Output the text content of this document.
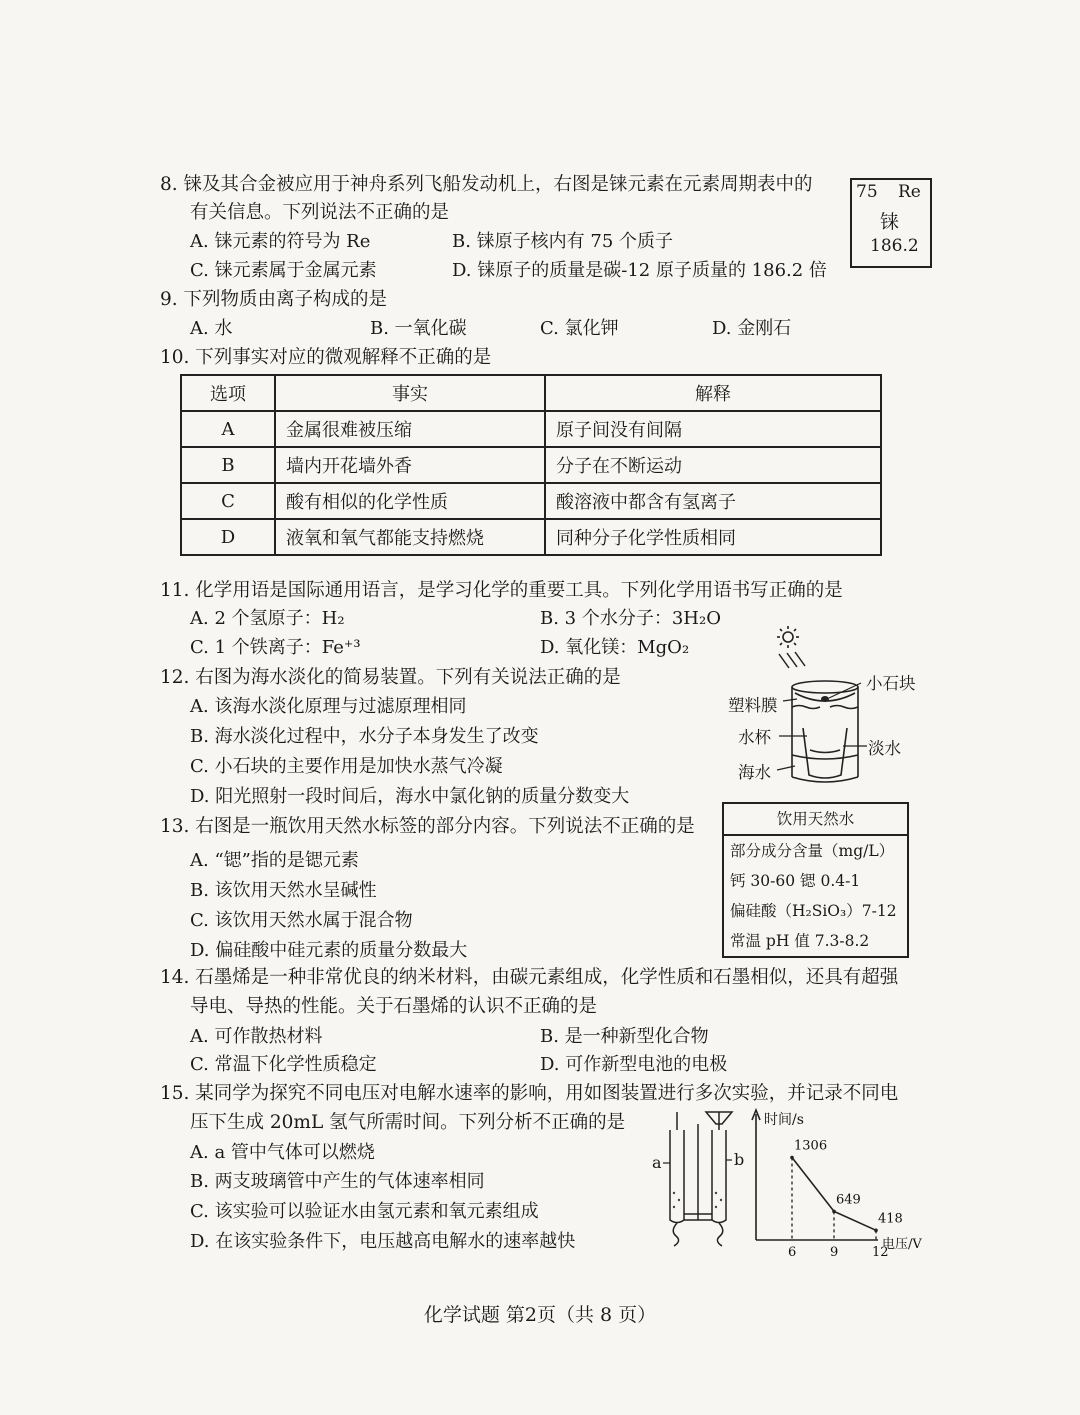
8. 铼及其合金被应用于神舟系列飞船发动机上，右图是铼元素在元素周期表中的
有关信息。下列说法不正确的是
A. 铼元素的符号为 Re	B. 铼原子核内有 75 个质子
C. 铼元素属于金属元素	D. 铼原子的质量是碳-12 原子质量的 186.2 倍
75 Re
铼
186.2
9. 下列物质由离子构成的是
A. 水	B. 一氧化碳	C. 氯化钾	D. 金刚石
10. 下列事实对应的微观解释不正确的是
选项	事实	解释
A	金属很难被压缩	原子间没有间隔
B	墙内开花墙外香	分子在不断运动
C	酸有相似的化学性质	酸溶液中都含有氢离子
D	液氧和氧气都能支持燃烧	同种分子化学性质相同
11. 化学用语是国际通用语言，是学习化学的重要工具。下列化学用语书写正确的是
A. 2 个氢原子：H₂	B. 3 个水分子：3H₂O
C. 1 个铁离子：Fe⁺³	D. 氧化镁：MgO₂
12. 右图为海水淡化的简易装置。下列有关说法正确的是
A. 该海水淡化原理与过滤原理相同
B. 海水淡化过程中，水分子本身发生了改变
C. 小石块的主要作用是加快水蒸气冷凝
D. 阳光照射一段时间后，海水中氯化钠的质量分数变大
小石块
塑料膜
水杯
淡水
海水
13. 右图是一瓶饮用天然水标签的部分内容。下列说法不正确的是
A. “锶”指的是锶元素
B. 该饮用天然水呈碱性
C. 该饮用天然水属于混合物
D. 偏硅酸中硅元素的质量分数最大
饮用天然水
部分成分含量（mg/L）
钙 30-60 锶 0.4-1
偏硅酸（H₂SiO₃）7-12
常温 pH 值 7.3-8.2
14. 石墨烯是一种非常优良的纳米材料，由碳元素组成，化学性质和石墨相似，还具有超强
导电、导热的性能。关于石墨烯的认识不正确的是
A. 可作散热材料	B. 是一种新型化合物
C. 常温下化学性质稳定	D. 可作新型电池的电极
15. 某同学为探究不同电压对电解水速率的影响，用如图装置进行多次实验，并记录不同电
压下生成 20mL 氢气所需时间。下列分析不正确的是
A. a 管中气体可以燃烧
B. 两支玻璃管中产生的气体速率相同
C. 该实验可以验证水由氢元素和氧元素组成
D. 在该实验条件下，电压越高电解水的速率越快
a	b
时间/s
电压/V
1306
6
649
9
418
12
化学试题 第2页（共 8 页）
